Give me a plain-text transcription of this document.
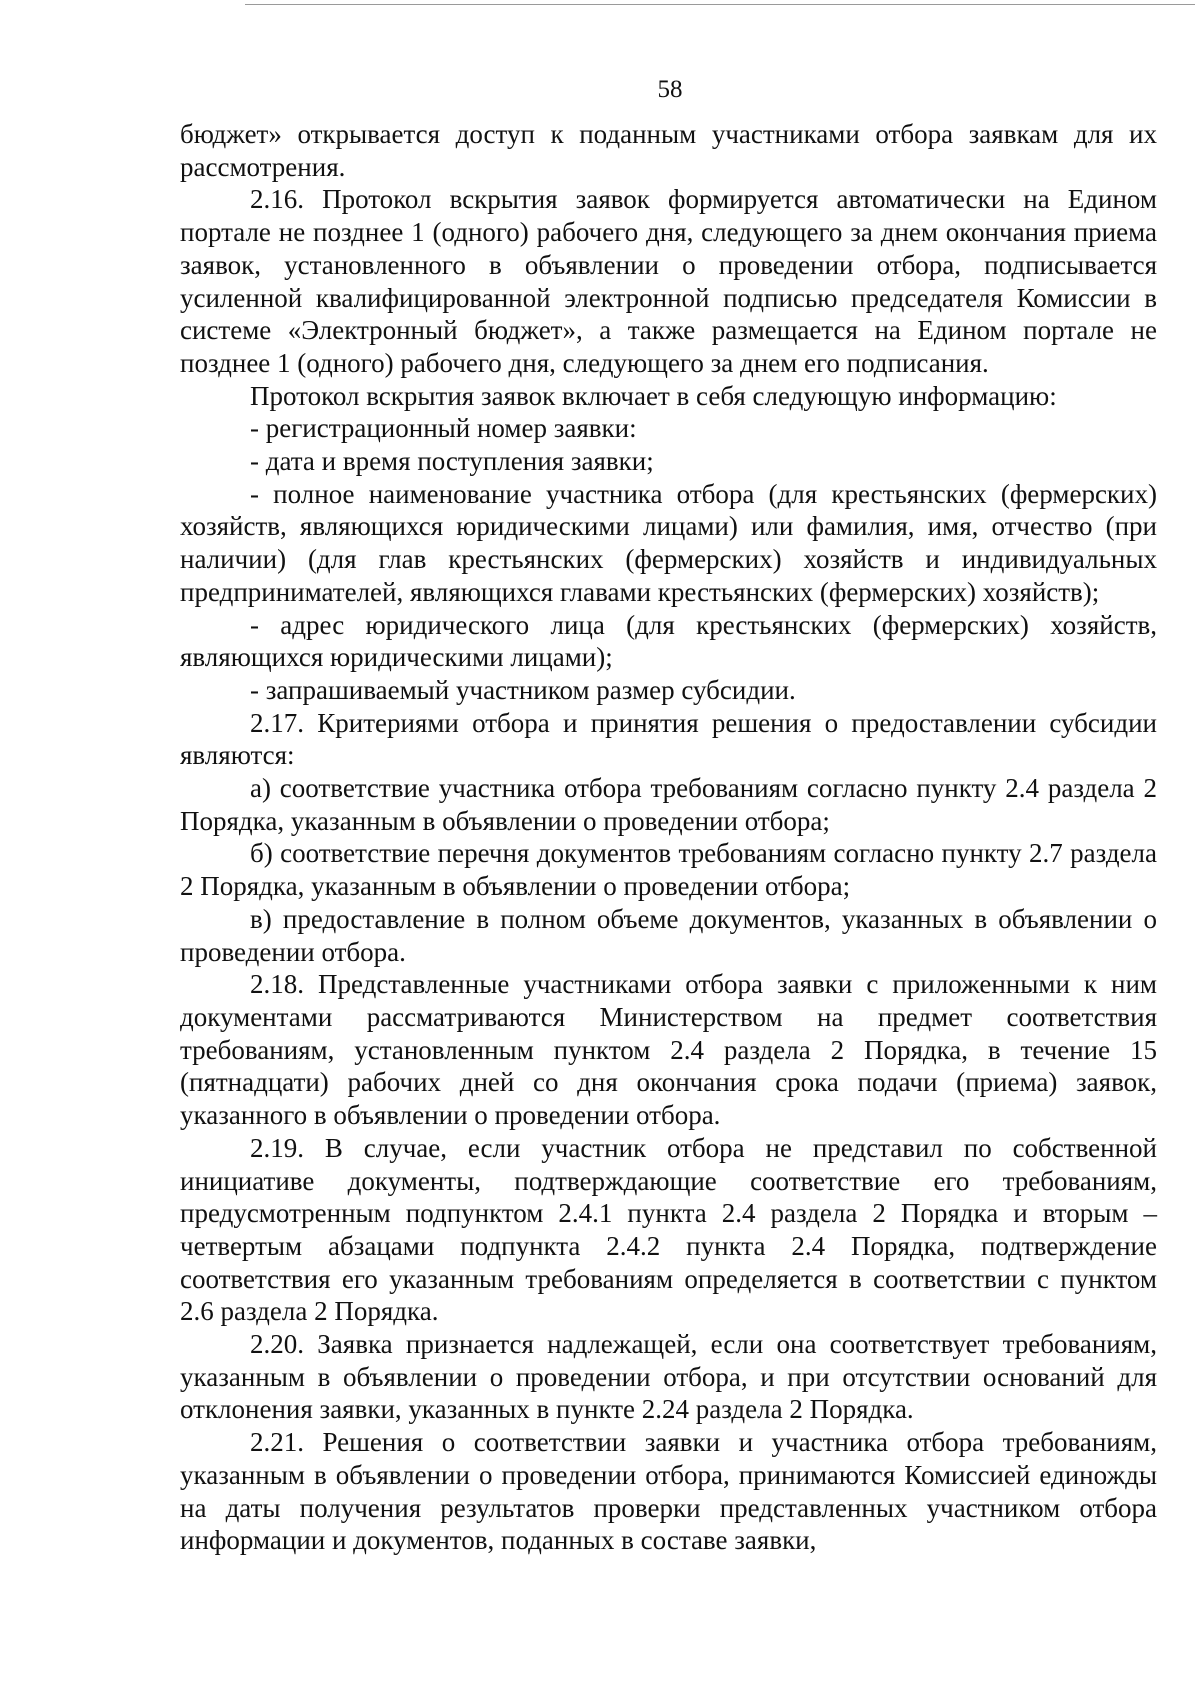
58

бюджет» открывается доступ к поданным участниками отбора заявкам для их рассмотрения.

2.16. Протокол вскрытия заявок формируется автоматически на Едином портале не позднее 1 (одного) рабочего дня, следующего за днем окончания приема заявок, установленного в объявлении о проведении отбора, подписывается усиленной квалифицированной электронной подписью председателя Комиссии в системе «Электронный бюджет», а также размещается на Едином портале не позднее 1 (одного) рабочего дня, следующего за днем его подписания.

Протокол вскрытия заявок включает в себя следующую информацию:

- регистрационный номер заявки:

- дата и время поступления заявки;

- полное наименование участника отбора (для крестьянских (фермерских) хозяйств, являющихся юридическими лицами) или фамилия, имя, отчество (при наличии) (для глав крестьянских (фермерских) хозяйств и индивидуальных предпринимателей, являющихся главами крестьянских (фермерских) хозяйств);

- адрес юридического лица (для крестьянских (фермерских) хозяйств, являющихся юридическими лицами);

- запрашиваемый участником размер субсидии.

2.17. Критериями отбора и принятия решения о предоставлении субсидии являются:

а) соответствие участника отбора требованиям согласно пункту 2.4 раздела 2 Порядка, указанным в объявлении о проведении отбора;

б) соответствие перечня документов требованиям согласно пункту 2.7 раздела 2 Порядка, указанным в объявлении о проведении отбора;

в) предоставление в полном объеме документов, указанных в объявлении о проведении отбора.

2.18. Представленные участниками отбора заявки с приложенными к ним документами рассматриваются Министерством на предмет соответствия требованиям, установленным пунктом 2.4 раздела 2 Порядка, в течение 15 (пятнадцати) рабочих дней со дня окончания срока подачи (приема) заявок, указанного в объявлении о проведении отбора.

2.19. В случае, если участник отбора не представил по собственной инициативе документы, подтверждающие соответствие его требованиям, предусмотренным подпунктом 2.4.1 пункта 2.4 раздела 2 Порядка и вторым – четвертым абзацами подпункта 2.4.2 пункта 2.4 Порядка, подтверждение соответствия его указанным требованиям определяется в соответствии с пунктом 2.6 раздела 2 Порядка.

2.20. Заявка признается надлежащей, если она соответствует требованиям, указанным в объявлении о проведении отбора, и при отсутствии оснований для отклонения заявки, указанных в пункте 2.24 раздела 2 Порядка.

2.21. Решения о соответствии заявки и участника отбора требованиям, указанным в объявлении о проведении отбора, принимаются Комиссией единожды на даты получения результатов проверки представленных участником отбора информации и документов, поданных в составе заявки,
